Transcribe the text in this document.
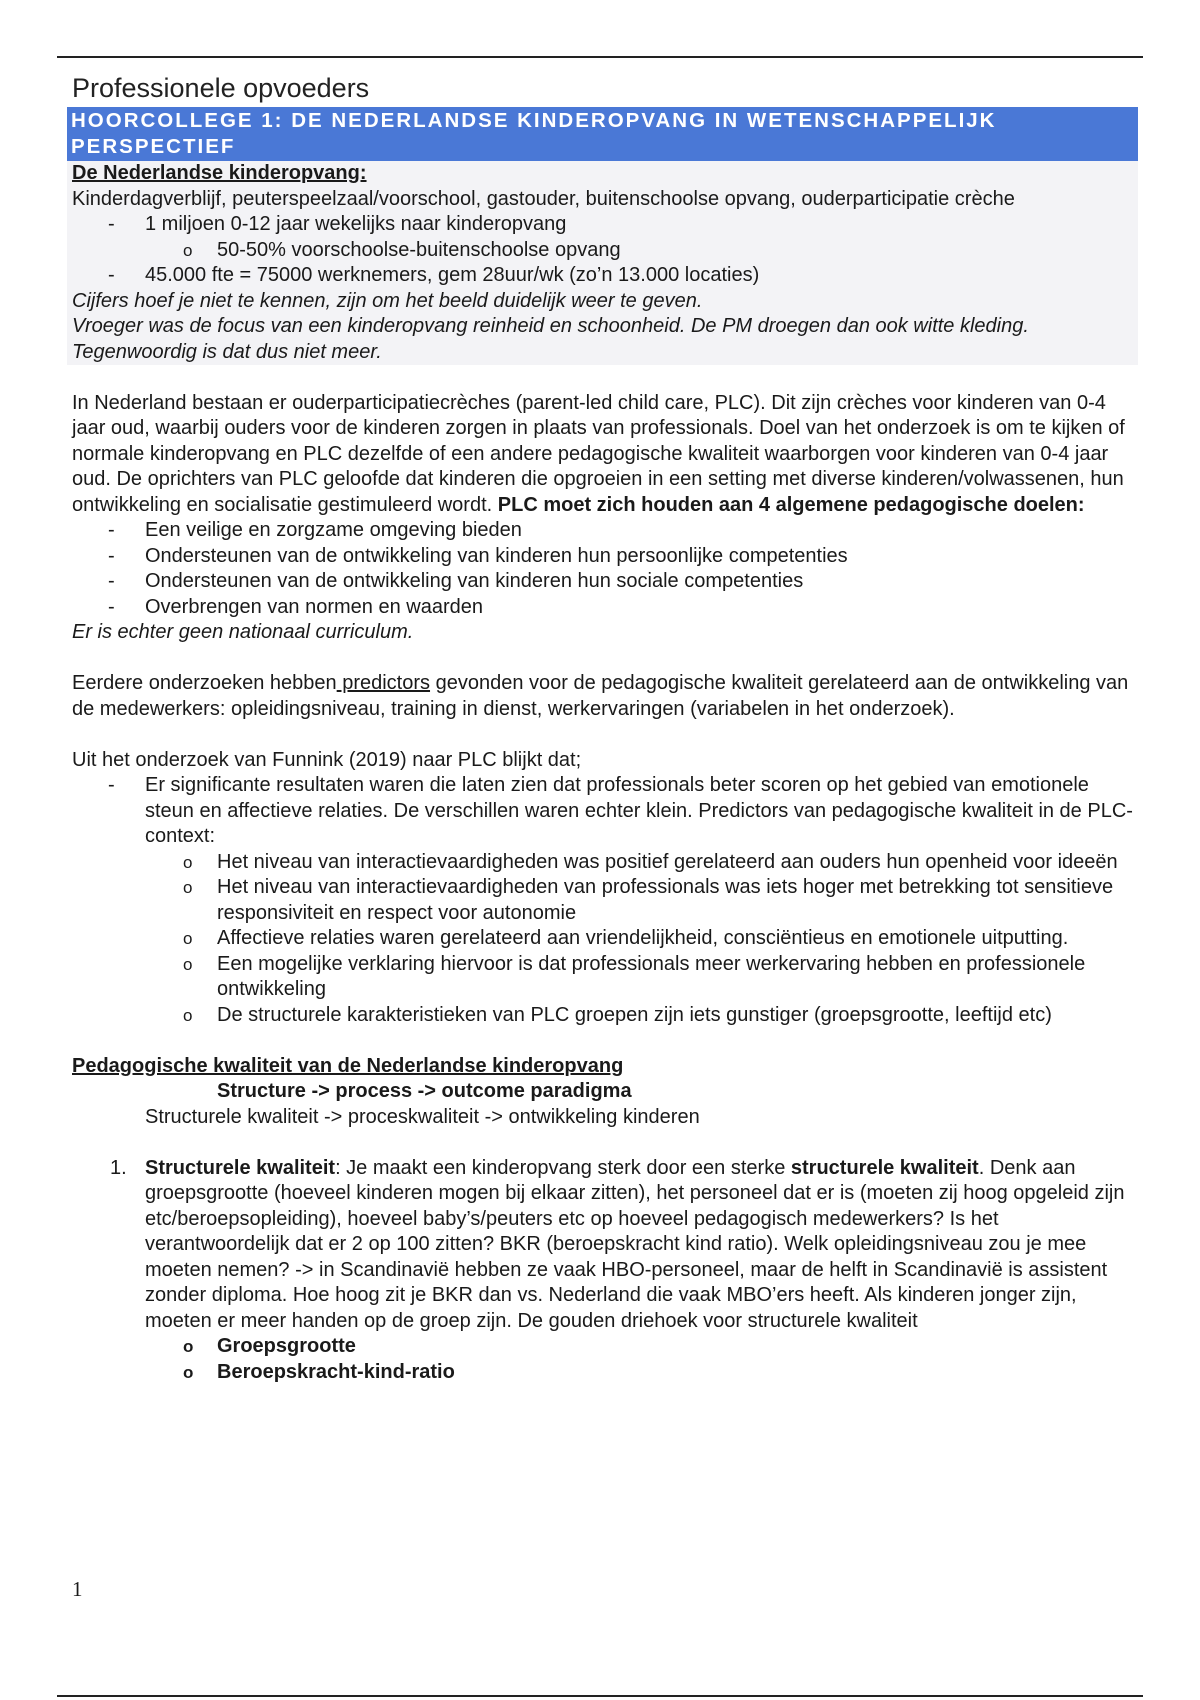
Professionele opvoeders
HOORCOLLEGE 1: DE NEDERLANDSE KINDEROPVANG IN WETENSCHAPPELIJK PERSPECTIEF
De Nederlandse kinderopvang:

Kinderdagverblijf, peuterspeelzaal/voorschool, gastouder, buitenschoolse opvang, ouderparticipatie crèche

- 1 miljoen 0-12 jaar wekelijks naar kinderopvang
o 50-50% voorschoolse-buitenschoolse opvang
- 45.000 fte = 75000 werknemers, gem 28uur/wk (zo’n 13.000 locaties)

Cijfers hoef je niet te kennen, zijn om het beeld duidelijk weer te geven.

Vroeger was de focus van een kinderopvang reinheid en schoonheid. De PM droegen dan ook witte kleding. Tegenwoordig is dat dus niet meer.

In Nederland bestaan er ouderparticipatiecrèches (parent-led child care, PLC). Dit zijn crèches voor kinderen van 0-4 jaar oud, waarbij ouders voor de kinderen zorgen in plaats van professionals. Doel van het onderzoek is om te kijken of normale kinderopvang en PLC dezelfde of een andere pedagogische kwaliteit waarborgen voor kinderen van 0-4 jaar oud. De oprichters van PLC geloofde dat kinderen die opgroeien in een setting met diverse kinderen/volwassenen, hun ontwikkeling en socialisatie gestimuleerd wordt. PLC moet zich houden aan 4 algemene pedagogische doelen:

- Een veilige en zorgzame omgeving bieden
- Ondersteunen van de ontwikkeling van kinderen hun persoonlijke competenties
- Ondersteunen van de ontwikkeling van kinderen hun sociale competenties
- Overbrengen van normen en waarden

Er is echter geen nationaal curriculum.

Eerdere onderzoeken hebben predictors gevonden voor de pedagogische kwaliteit gerelateerd aan de ontwikkeling van de medewerkers: opleidingsniveau, training in dienst, werkervaringen (variabelen in het onderzoek).

Uit het onderzoek van Funnink (2019) naar PLC blijkt dat;

- Er significante resultaten waren die laten zien dat professionals beter scoren op het gebied van emotionele steun en affectieve relaties. De verschillen waren echter klein. Predictors van pedagogische kwaliteit in de PLC-context:
o Het niveau van interactievaardigheden was positief gerelateerd aan ouders hun openheid voor ideeën
o Het niveau van interactievaardigheden van professionals was iets hoger met betrekking tot sensitieve responsiviteit en respect voor autonomie
o Affectieve relaties waren gerelateerd aan vriendelijkheid, consciëntieus en emotionele uitputting.
o Een mogelijke verklaring hiervoor is dat professionals meer werkervaring hebben en professionele ontwikkeling
o De structurele karakteristieken van PLC groepen zijn iets gunstiger (groepsgrootte, leeftijd etc)
Pedagogische kwaliteit van de Nederlandse kinderopvang
Structure -> process -> outcome paradigma
Structurele kwaliteit -> proceskwaliteit -> ontwikkeling kinderen
1. Structurele kwaliteit: Je maakt een kinderopvang sterk door een sterke structurele kwaliteit. Denk aan groepsgrootte (hoeveel kinderen mogen bij elkaar zitten), het personeel dat er is (moeten zij hoog opgeleid zijn etc/beroepsopleiding), hoeveel baby’s/peuters etc op hoeveel pedagogisch medewerkers? Is het verantwoordelijk dat er 2 op 100 zitten? BKR (beroepskracht kind ratio). Welk opleidingsniveau zou je mee moeten nemen? -> in Scandinavië hebben ze vaak HBO-personeel, maar de helft in Scandinavië is assistent zonder diploma. Hoe hoog zit je BKR dan vs. Nederland die vaak MBO’ers heeft. Als kinderen jonger zijn, moeten er meer handen op de groep zijn. De gouden driehoek voor structurele kwaliteit
o Groepsgrootte
o Beroepskracht-kind-ratio
1
